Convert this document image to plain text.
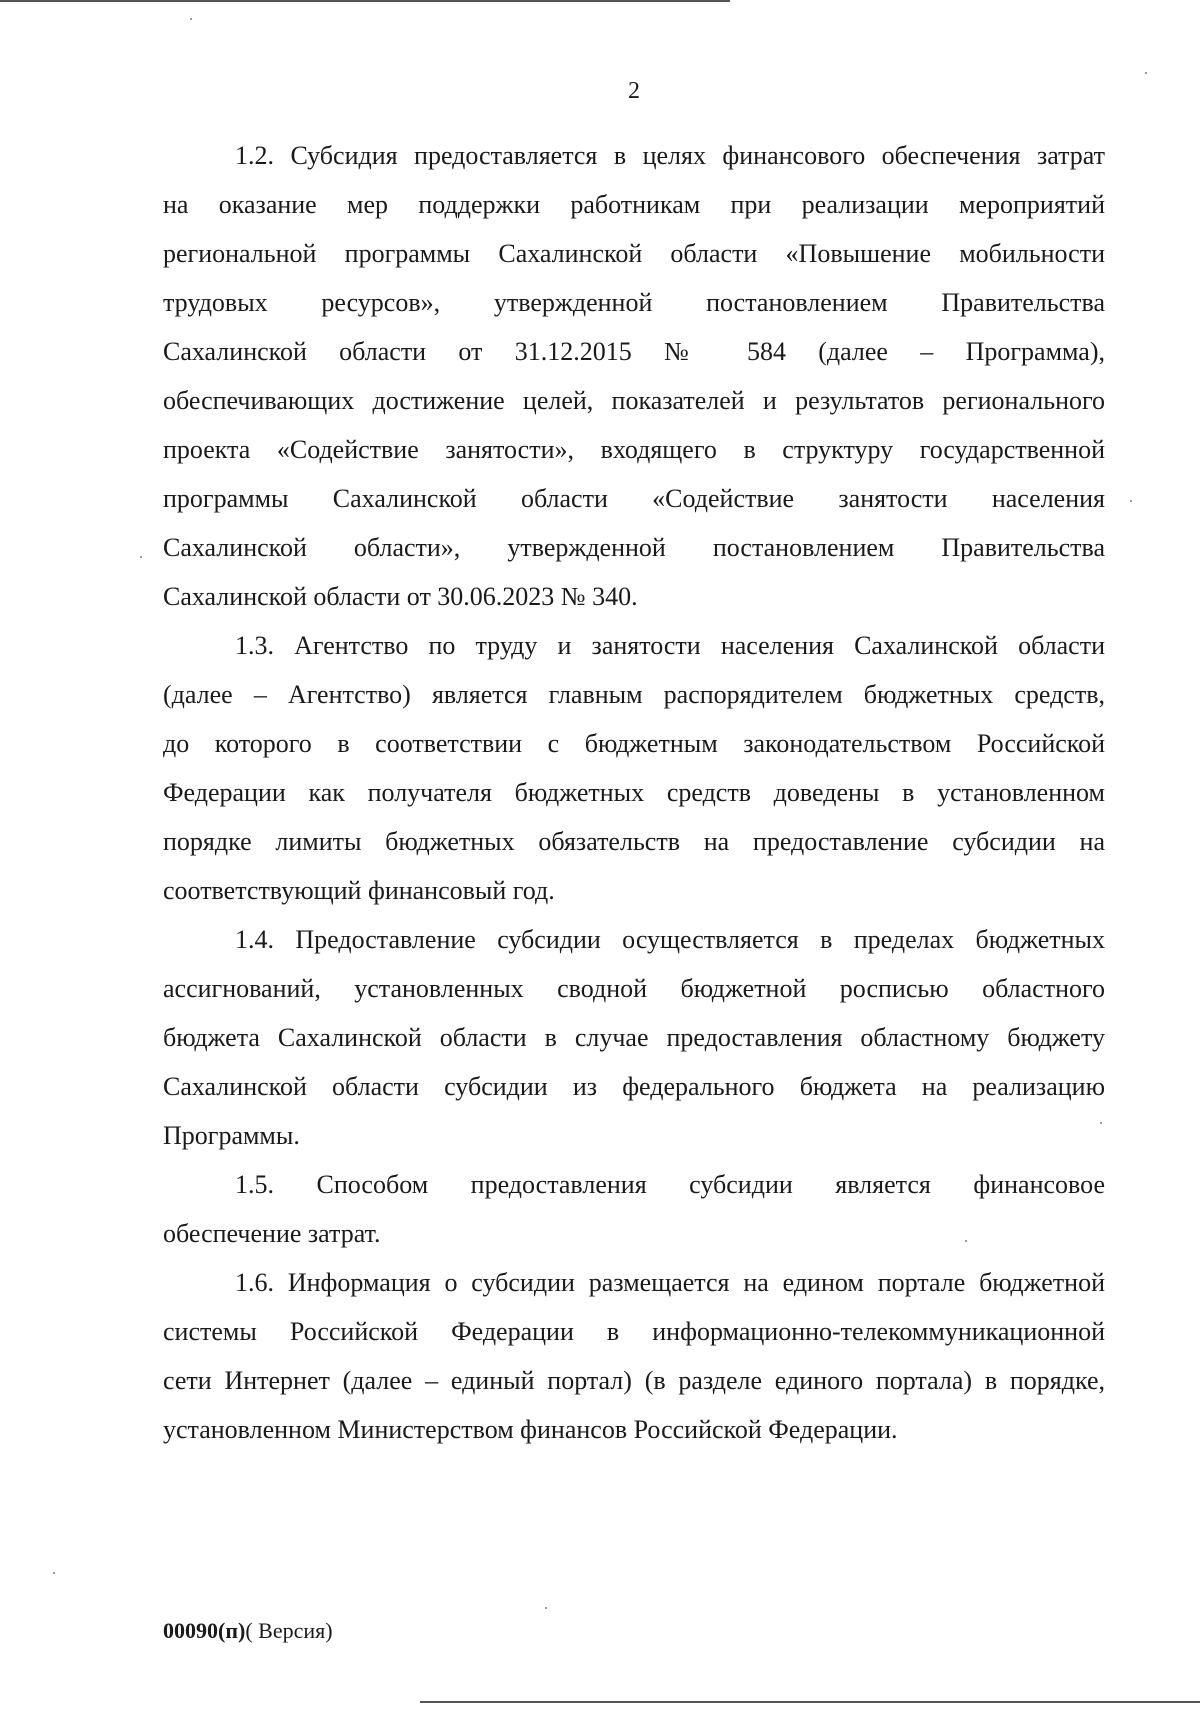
2
1.2. Субсидия предоставляется в целях финансового обеспечения затрат
на оказание мер поддержки работникам при реализации мероприятий
региональной программы Сахалинской области «Повышение мобильности
трудовых ресурсов», утвержденной постановлением Правительства
Сахалинской области от 31.12.2015 № 584 (далее – Программа),
обеспечивающих достижение целей, показателей и результатов регионального
проекта «Содействие занятости», входящего в структуру государственной
программы Сахалинской области «Содействие занятости населения
Сахалинской области», утвержденной постановлением Правительства
Сахалинской области от 30.06.2023 № 340.
1.3. Агентство по труду и занятости населения Сахалинской области
(далее – Агентство) является главным распорядителем бюджетных средств,
до которого в соответствии с бюджетным законодательством Российской
Федерации как получателя бюджетных средств доведены в установленном
порядке лимиты бюджетных обязательств на предоставление субсидии на
соответствующий финансовый год.
1.4. Предоставление субсидии осуществляется в пределах бюджетных
ассигнований, установленных сводной бюджетной росписью областного
бюджета Сахалинской области в случае предоставления областному бюджету
Сахалинской области субсидии из федерального бюджета на реализацию
Программы.
1.5. Способом предоставления субсидии является финансовое
обеспечение затрат.
1.6. Информация о субсидии размещается на едином портале бюджетной
системы Российской Федерации в информационно-телекоммуникационной
сети Интернет (далее – единый портал) (в разделе единого портала) в порядке,
установленном Министерством финансов Российской Федерации.
00090(п)( Версия)
